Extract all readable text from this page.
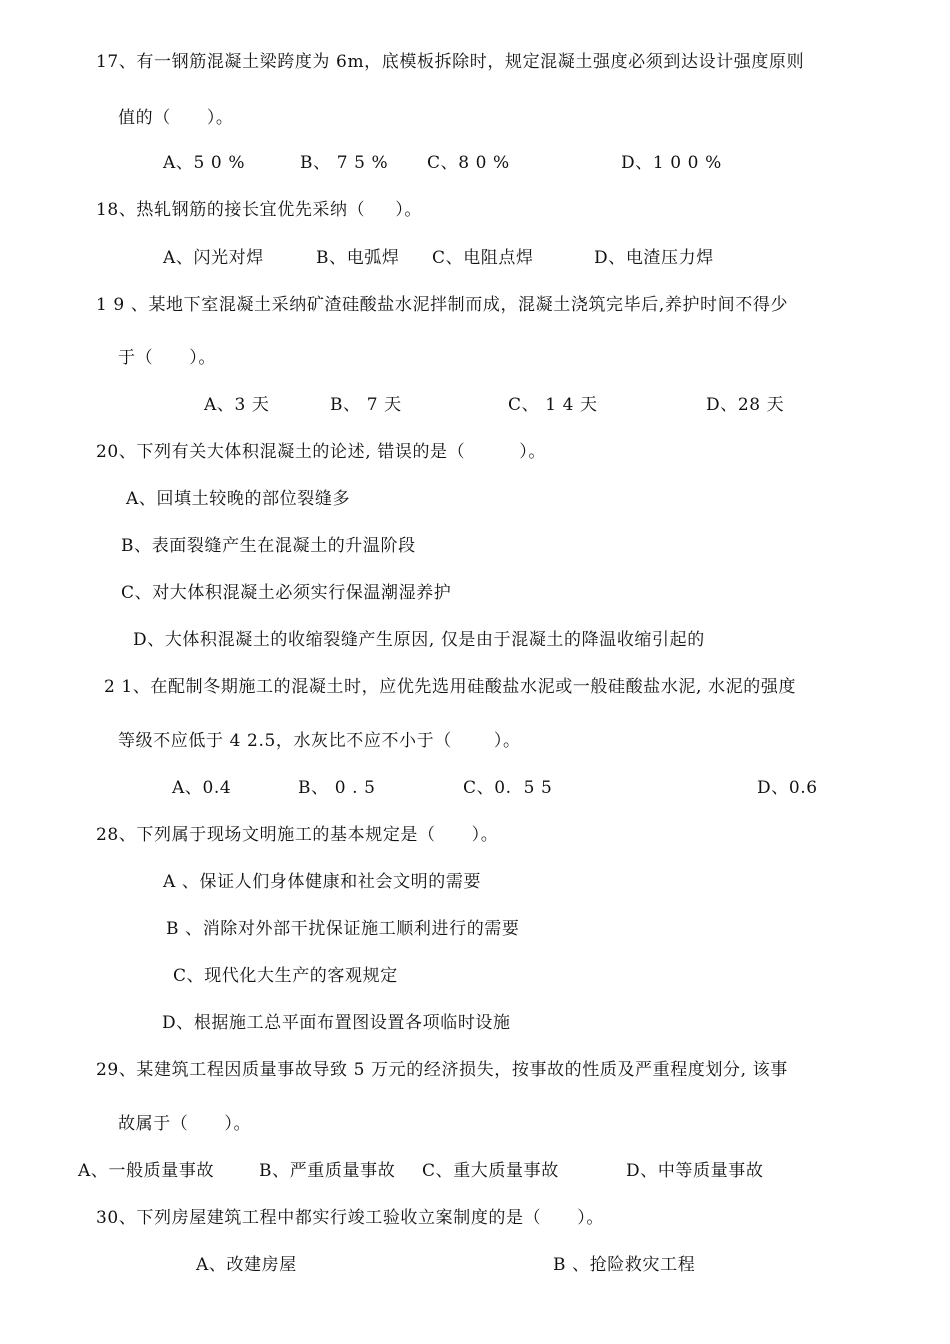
17、有一钢筋混凝土梁跨度为 6m，底模板拆除时，规定混凝土强度必须到达设计强度原则
值的（      ）。
A、5 0 %	B、 7 5 % C、8 0 %	D、1 0 0 %
18、热轧钢筋的接长宜优先采纳（     ）。
A、闪光对焊	B、电弧焊 C、电阻点焊	D、电渣压力焊
1 9 、某地下室混凝土采纳矿渣硅酸盐水泥拌制而成，混凝土浇筑完毕后,养护时间不得少
于（      ）。
A、3 天	B、 7 天	C、 1 4 天	D、28 天
20、下列有关大体积混凝土的论述, 错误的是（         ）。
A、回填土较晚的部位裂缝多
B、表面裂缝产生在混凝土的升温阶段
C、对大体积混凝土必须实行保温潮湿养护
D、大体积混凝土的收缩裂缝产生原因, 仅是由于混凝土的降温收缩引起的
2 1、在配制冬期施工的混凝土时，应优先选用硅酸盐水泥或一般硅酸盐水泥, 水泥的强度
等级不应低于 4 2.5，水灰比不应不小于（       ）。
A、0.4	B、 0 . 5	C、0.  5 5	D、0.6
28、下列属于现场文明施工的基本规定是（      ）。
A 、保证人们身体健康和社会文明的需要
B 、消除对外部干扰保证施工顺利进行的需要
C、现代化大生产的客观规定
D、根据施工总平面布置图设置各项临时设施
29、某建筑工程因质量事故导致 5 万元的经济损失，按事故的性质及严重程度划分, 该事
故属于（      ）。
A、一般质量事故	B、严重质量事故 C、重大质量事故	D、中等质量事故
30、下列房屋建筑工程中都实行竣工验收立案制度的是（      ）。
A、改建房屋	B 、抢险救灾工程
